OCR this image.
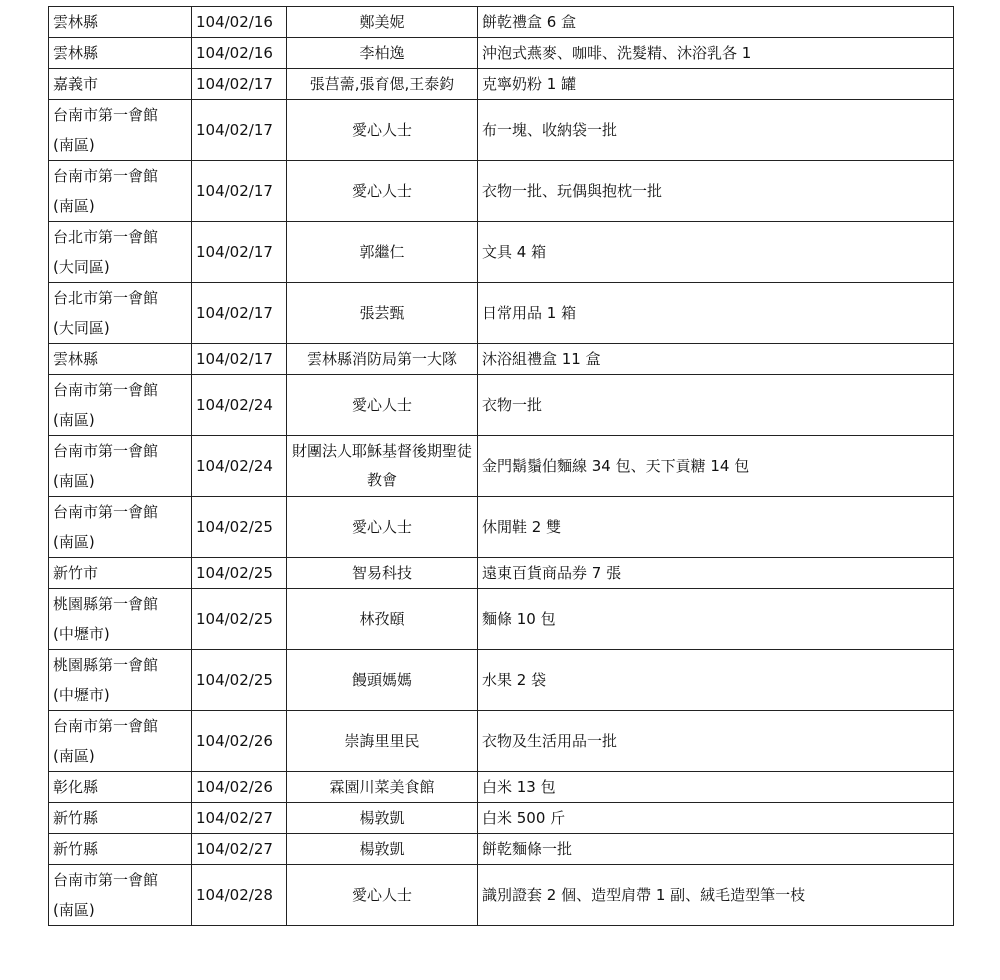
雲林縣	104/02/16	鄭美妮	餅乾禮盒 6 盒

雲林縣	104/02/16	李柏逸	沖泡式燕麥、咖啡、洗髮精、沐浴乳各 1

嘉義市	104/02/17	張莒薷,張育偲,王泰鈞	克寧奶粉 1 罐

台南市第一會館
(南區)	104/02/17	愛心人士	布一塊、收納袋一批

台南市第一會館
(南區)	104/02/17	愛心人士	衣物一批、玩偶與抱枕一批

台北市第一會館
(大同區)	104/02/17	郭繼仁	文具 4 箱

台北市第一會館
(大同區)	104/02/17	張芸甄	日常用品 1 箱

雲林縣	104/02/17	雲林縣消防局第一大隊	沐浴組禮盒 11 盒

台南市第一會館
(南區)	104/02/24	愛心人士	衣物一批

台南市第一會館
(南區)	104/02/24	財團法人耶穌基督後期聖徒教會	金門鬍鬚伯麵線 34 包、天下貢糖 14 包

台南市第一會館
(南區)	104/02/25	愛心人士	休閒鞋 2 雙

新竹市	104/02/25	智易科技	遠東百貨商品券 7 張

桃園縣第一會館
(中壢市)	104/02/25	林孜頤	麵條 10 包

桃園縣第一會館
(中壢市)	104/02/25	饅頭媽媽	水果 2 袋

台南市第一會館
(南區)	104/02/26	崇誨里里民	衣物及生活用品一批

彰化縣	104/02/26	霖園川菜美食館	白米 13 包

新竹縣	104/02/27	楊敦凱	白米 500 斤

新竹縣	104/02/27	楊敦凱	餅乾麵條一批

台南市第一會館
(南區)	104/02/28	愛心人士	識別證套 2 個、造型肩帶 1 副、絨毛造型筆一枝
